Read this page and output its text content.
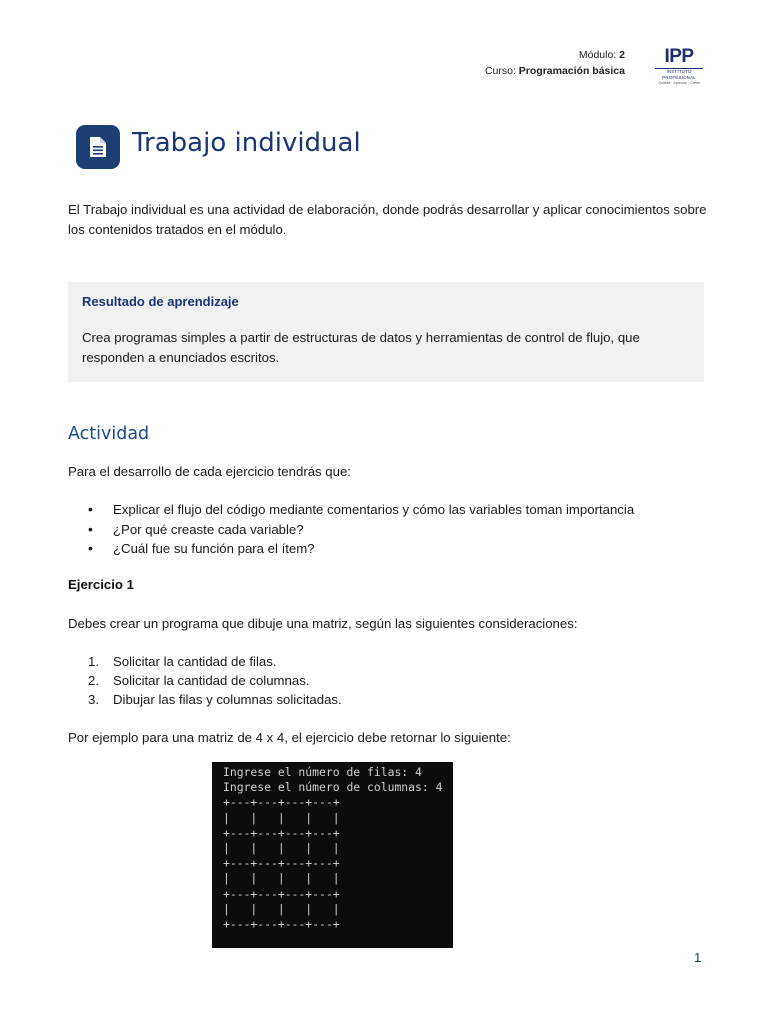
Módulo: 2
Curso: Programación básica
IPP
INSTITUTO PROFESIONAL
Quillota · Aprende · Crece
Trabajo individual
El Trabajo individual es una actividad de elaboración, donde podrás desarrollar y aplicar conocimientos sobre los contenidos tratados en el módulo.
Resultado de aprendizaje
Crea programas simples a partir de estructuras de datos y herramientas de control de flujo, que responden a enunciados escritos.
Actividad
Para el desarrollo de cada ejercicio tendrás que:
• Explicar el flujo del código mediante comentarios y cómo las variables toman importancia
• ¿Por qué creaste cada variable?
• ¿Cuál fue su función para el ítem?
Ejercicio 1
Debes crear un programa que dibuje una matriz, según las siguientes consideraciones:
1. Solicitar la cantidad de filas.
2. Solicitar la cantidad de columnas.
3. Dibujar las filas y columnas solicitadas.
Por ejemplo para una matriz de 4 x 4, el ejercicio debe retornar lo siguiente:
Ingrese el número de filas: 4
Ingrese el número de columnas: 4
+---+---+---+---+
|   |   |   |   |
+---+---+---+---+
|   |   |   |   |
+---+---+---+---+
|   |   |   |   |
+---+---+---+---+
|   |   |   |   |
+---+---+---+---+
1
